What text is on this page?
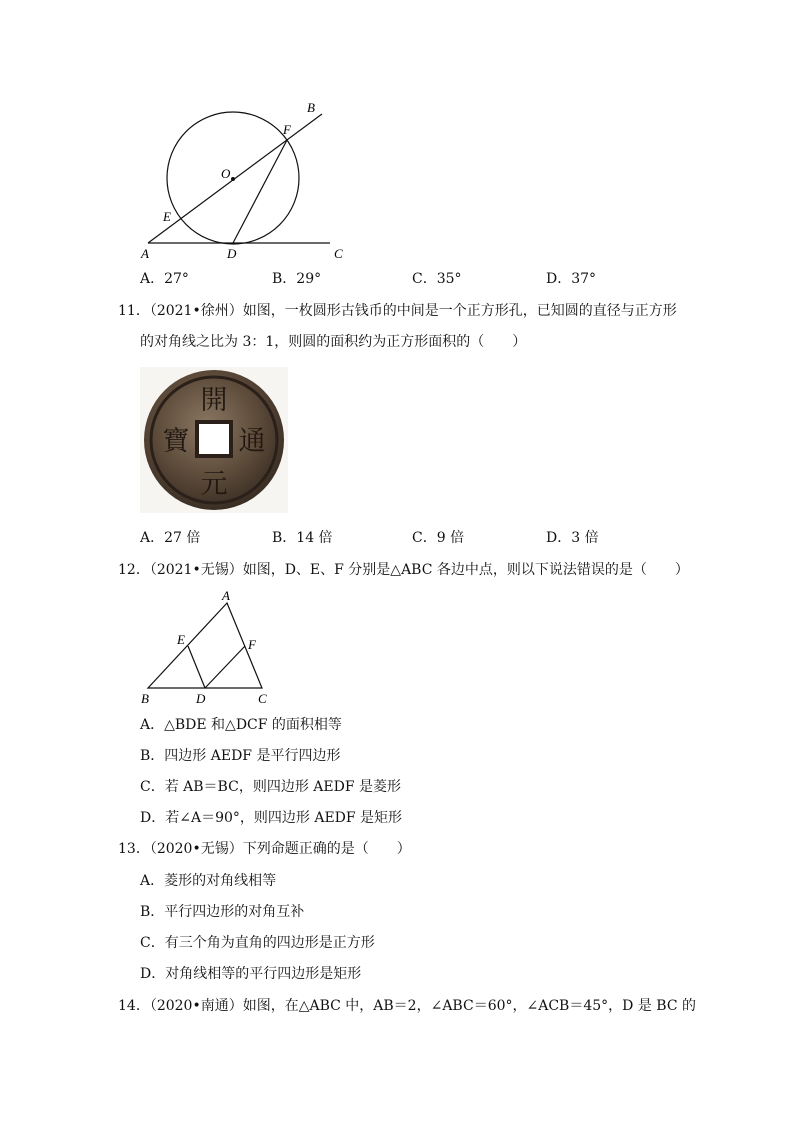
B
F
O
E
A	D	C
A．27°	B．29°	C．35°	D．37°
11．（2021•徐州）如图，一枚圆形古钱币的中间是一个正方形孔，已知圆的直径与正方形
的对角线之比为 3：1，则圆的面积约为正方形面积的（　　）
開
通
元
寶
A．27 倍	B．14 倍	C．9 倍	D．3 倍
12．（2021•无锡）如图，D、E、F 分别是△ABC 各边中点，则以下说法错误的是（　　）
A
E	F
B	D	C
A．△BDE 和△DCF 的面积相等
B．四边形 AEDF 是平行四边形
C．若 AB＝BC，则四边形 AEDF 是菱形
D．若∠A＝90°，则四边形 AEDF 是矩形
13．（2020•无锡）下列命题正确的是（　　）
A．菱形的对角线相等
B．平行四边形的对角互补
C．有三个角为直角的四边形是正方形
D．对角线相等的平行四边形是矩形
14．（2020•南通）如图，在△ABC 中，AB＝2，∠ABC＝60°，∠ACB＝45°，D 是 BC 的
